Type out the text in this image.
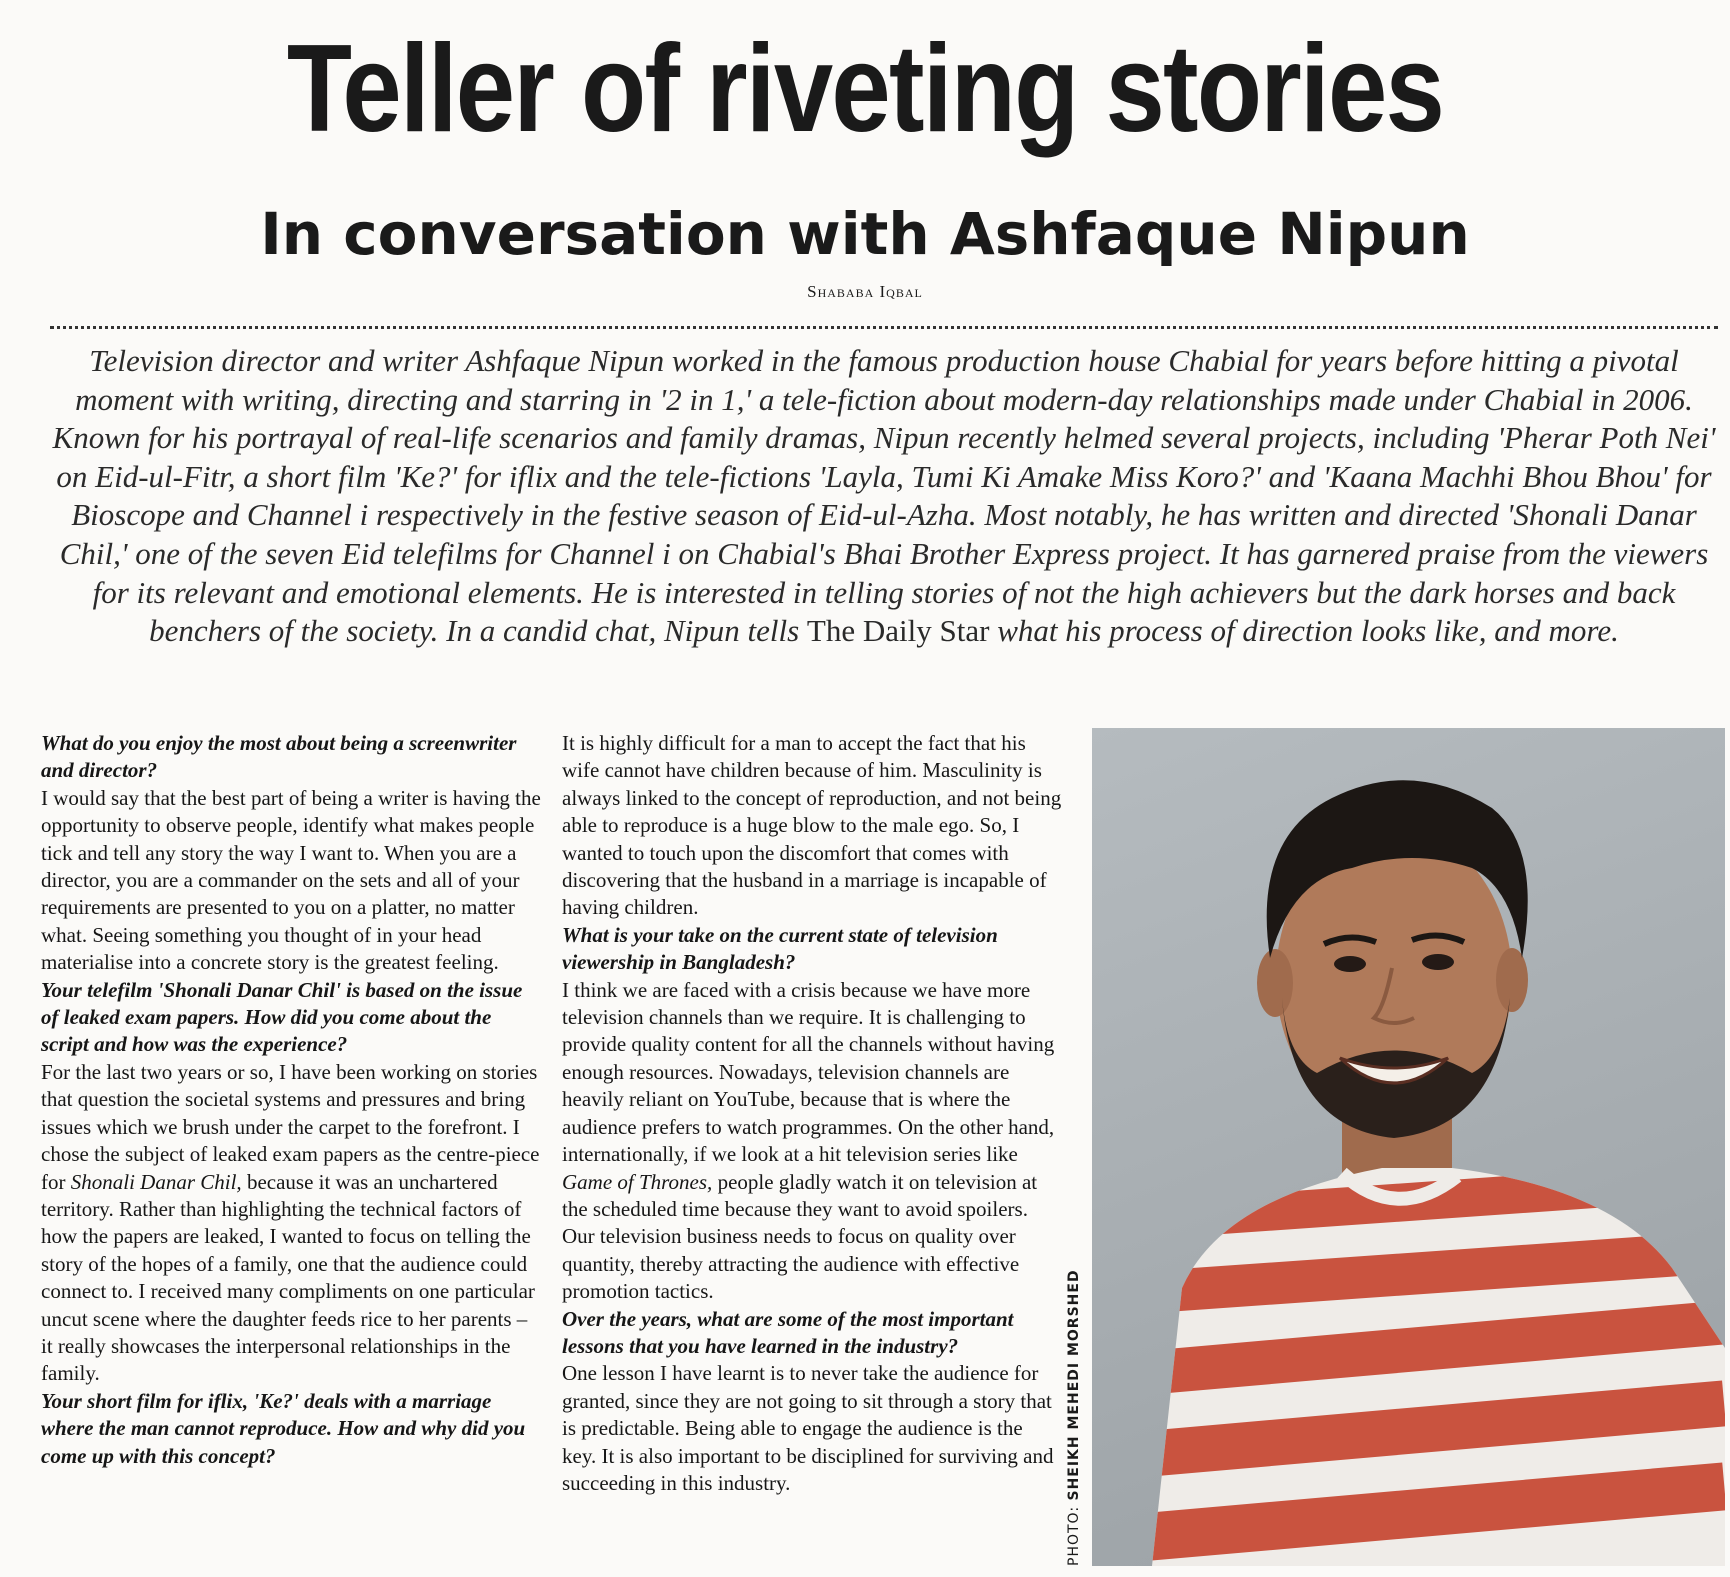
Teller of riveting stories
In conversation with Ashfaque Nipun
Shababa Iqbal

Television director and writer Ashfaque Nipun worked in the famous production house Chabial for years before hitting a pivotal moment with writing, directing and starring in '2 in 1,' a tele-fiction about modern-day relationships made under Chabial in 2006. Known for his portrayal of real-life scenarios and family dramas, Nipun recently helmed several projects, including 'Pherar Poth Nei' on Eid-ul-Fitr, a short film 'Ke?' for iflix and the tele-fictions 'Layla, Tumi Ki Amake Miss Koro?' and 'Kaana Machhi Bhou Bhou' for Bioscope and Channel i respectively in the festive season of Eid-ul-Azha. Most notably, he has written and directed 'Shonali Danar Chil,' one of the seven Eid telefilms for Channel i on Chabial's Bhai Brother Express project. It has garnered praise from the viewers for its relevant and emotional elements. He is interested in telling stories of not the high achievers but the dark horses and back benchers of the society. In a candid chat, Nipun tells The Daily Star what his process of direction looks like, and more.

What do you enjoy the most about being a screenwriter and director?
I would say that the best part of being a writer is having the opportunity to observe people, identify what makes people tick and tell any story the way I want to. When you are a director, you are a commander on the sets and all of your requirements are presented to you on a platter, no matter what. Seeing something you thought of in your head materialise into a concrete story is the greatest feeling.
Your telefilm 'Shonali Danar Chil' is based on the issue of leaked exam papers. How did you come about the script and how was the experience?
For the last two years or so, I have been working on stories that question the societal systems and pressures and bring issues which we brush under the carpet to the forefront. I chose the subject of leaked exam papers as the centre-piece for Shonali Danar Chil, because it was an unchartered territory. Rather than highlighting the technical factors of how the papers are leaked, I wanted to focus on telling the story of the hopes of a family, one that the audience could connect to. I received many compliments on one particular uncut scene where the daughter feeds rice to her parents – it really showcases the interpersonal relationships in the family.
Your short film for iflix, 'Ke?' deals with a marriage where the man cannot reproduce. How and why did you come up with this concept?
It is highly difficult for a man to accept the fact that his wife cannot have children because of him. Masculinity is always linked to the concept of reproduction, and not being able to reproduce is a huge blow to the male ego. So, I wanted to touch upon the discomfort that comes with discovering that the husband in a marriage is incapable of having children.
What is your take on the current state of television viewership in Bangladesh?
I think we are faced with a crisis because we have more television channels than we require. It is challenging to provide quality content for all the channels without having enough resources. Nowadays, television channels are heavily reliant on YouTube, because that is where the audience prefers to watch programmes. On the other hand, internationally, if we look at a hit television series like Game of Thrones, people gladly watch it on television at the scheduled time because they want to avoid spoilers. Our television business needs to focus on quality over quantity, thereby attracting the audience with effective promotion tactics.
Over the years, what are some of the most important lessons that you have learned in the industry?
One lesson I have learnt is to never take the audience for granted, since they are not going to sit through a story that is predictable. Being able to engage the audience is the key. It is also important to be disciplined for surviving and succeeding in this industry.
PHOTO: SHEIKH MEHEDI MORSHED
